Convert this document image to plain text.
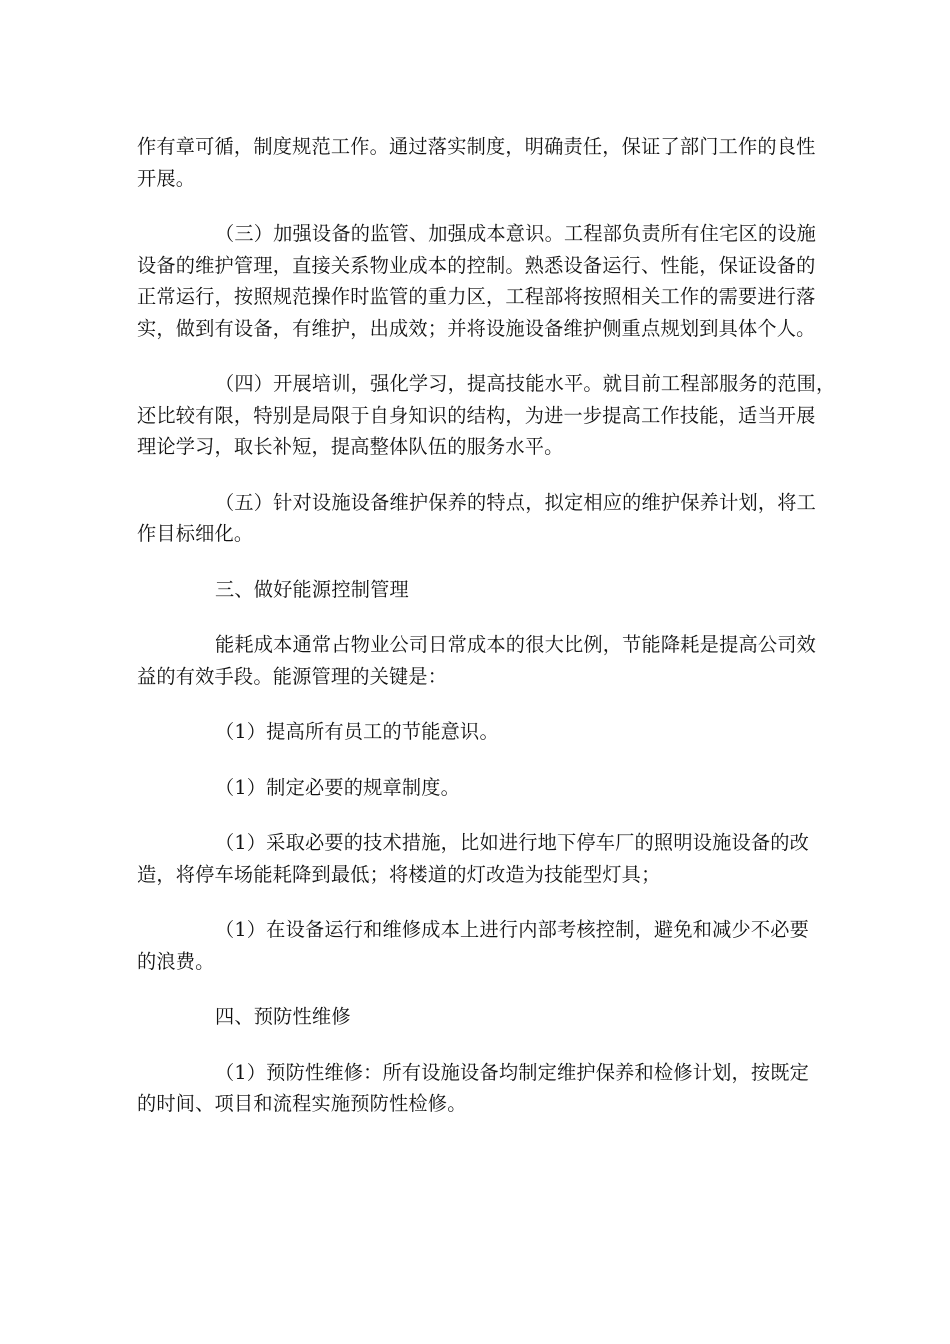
作有章可循，制度规范工作。通过落实制度，明确责任，保证了部门工作的良性
开展。

（三）加强设备的监管、加强成本意识。工程部负责所有住宅区的设施
设备的维护管理，直接关系物业成本的控制。熟悉设备运行、性能，保证设备的
正常运行，按照规范操作时监管的重力区，工程部将按照相关工作的需要进行落
实，做到有设备，有维护，出成效；并将设施设备维护侧重点规划到具体个人。

（四）开展培训，强化学习，提高技能水平。就目前工程部服务的范围，
还比较有限，特别是局限于自身知识的结构，为进一步提高工作技能，适当开展
理论学习，取长补短，提高整体队伍的服务水平。

（五）针对设施设备维护保养的特点，拟定相应的维护保养计划，将工
作目标细化。

三、做好能源控制管理

能耗成本通常占物业公司日常成本的很大比例，节能降耗是提高公司效
益的有效手段。能源管理的关键是：

（1）提高所有员工的节能意识。

（1）制定必要的规章制度。

（1）采取必要的技术措施，比如进行地下停车厂的照明设施设备的改
造，将停车场能耗降到最低；将楼道的灯改造为技能型灯具；

（1）在设备运行和维修成本上进行内部考核控制，避免和减少不必要
的浪费。

四、预防性维修

（1）预防性维修：所有设施设备均制定维护保养和检修计划，按既定
的时间、项目和流程实施预防性检修。
